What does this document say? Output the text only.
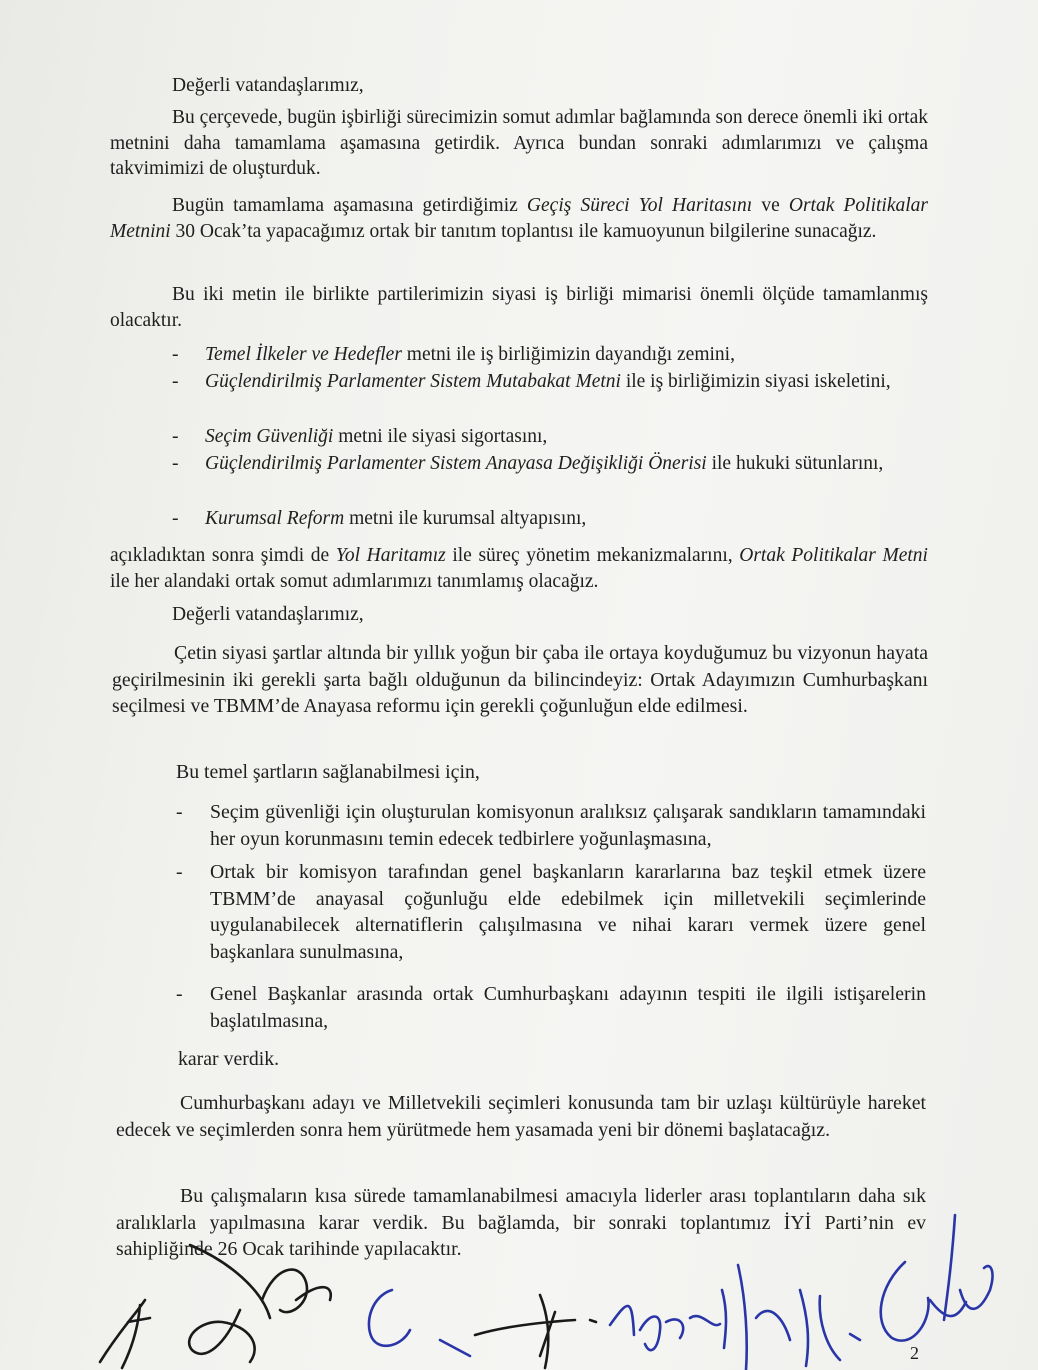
Değerli vatandaşlarımız,
Bu çerçevede, bugün işbirliği sürecimizin somut adımlar bağlamında son derece önemli iki ortak metnini daha tamamlama aşamasına getirdik. Ayrıca bundan sonraki adımlarımızı ve çalışma takvimimizi de oluşturduk.
Bugün tamamlama aşamasına getirdiğimiz Geçiş Süreci Yol Haritasını ve Ortak Politikalar Metnini 30 Ocak’ta yapacağımız ortak bir tanıtım toplantısı ile kamuoyunun bilgilerine sunacağız.
Bu iki metin ile birlikte partilerimizin siyasi iş birliği mimarisi önemli ölçüde tamamlanmış olacaktır.
- Temel İlkeler ve Hedefler metni ile iş birliğimizin dayandığı zemini,
- Güçlendirilmiş Parlamenter Sistem Mutabakat Metni ile iş birliğimizin siyasi iskeletini,
- Seçim Güvenliği metni ile siyasi sigortasını,
- Güçlendirilmiş Parlamenter Sistem Anayasa Değişikliği Önerisi ile hukuki sütunlarını,
- Kurumsal Reform metni ile kurumsal altyapısını,
açıkladıktan sonra şimdi de Yol Haritamız ile süreç yönetim mekanizmalarını, Ortak Politikalar Metni ile her alandaki ortak somut adımlarımızı tanımlamış olacağız.
Değerli vatandaşlarımız,
Çetin siyasi şartlar altında bir yıllık yoğun bir çaba ile ortaya koyduğumuz bu vizyonun hayata geçirilmesinin iki gerekli şarta bağlı olduğunun da bilincindeyiz: Ortak Adayımızın Cumhurbaşkanı seçilmesi ve TBMM’de Anayasa reformu için gerekli çoğunluğun elde edilmesi.
Bu temel şartların sağlanabilmesi için,
- Seçim güvenliği için oluşturulan komisyonun aralıksız çalışarak sandıkların tamamındaki her oyun korunmasını temin edecek tedbirlere yoğunlaşmasına,
- Ortak bir komisyon tarafından genel başkanların kararlarına baz teşkil etmek üzere TBMM’de anayasal çoğunluğu elde edebilmek için milletvekili seçimlerinde uygulanabilecek alternatiflerin çalışılmasına ve nihai kararı vermek üzere genel başkanlara sunulmasına,
- Genel Başkanlar arasında ortak Cumhurbaşkanı adayının tespiti ile ilgili istişarelerin başlatılmasına,
karar verdik.
Cumhurbaşkanı adayı ve Milletvekili seçimleri konusunda tam bir uzlaşı kültürüyle hareket edecek ve seçimlerden sonra hem yürütmede hem yasamada yeni bir dönemi başlatacağız.
Bu çalışmaların kısa sürede tamamlanabilmesi amacıyla liderler arası toplantıların daha sık aralıklarla yapılmasına karar verdik. Bu bağlamda, bir sonraki toplantımız İYİ Parti’nin ev sahipliğinde 26 Ocak tarihinde yapılacaktır.
2
